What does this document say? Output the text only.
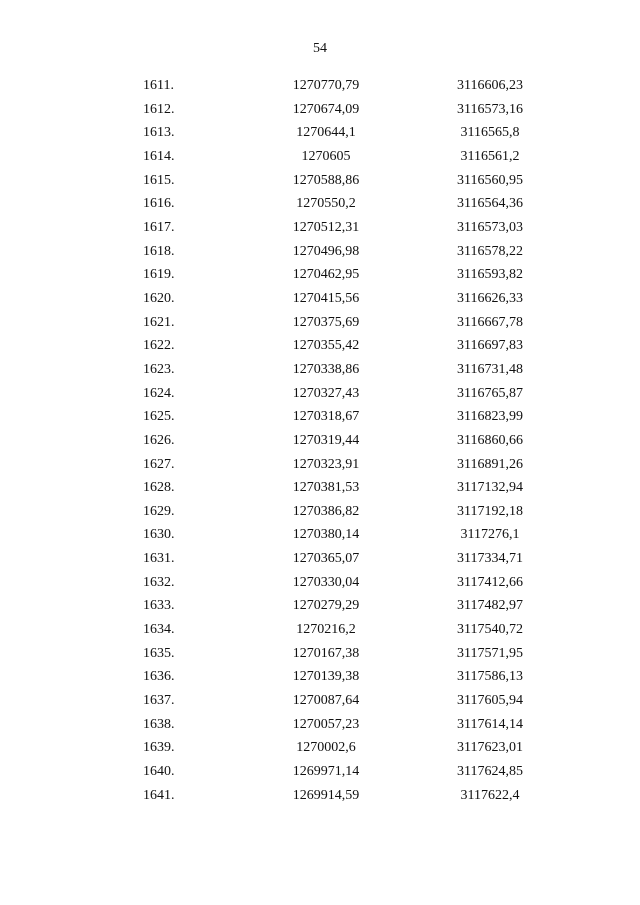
54
1611.	1270770,79	3116606,23
1612.	1270674,09	3116573,16
1613.	1270644,1	3116565,8
1614.	1270605	3116561,2
1615.	1270588,86	3116560,95
1616.	1270550,2	3116564,36
1617.	1270512,31	3116573,03
1618.	1270496,98	3116578,22
1619.	1270462,95	3116593,82
1620.	1270415,56	3116626,33
1621.	1270375,69	3116667,78
1622.	1270355,42	3116697,83
1623.	1270338,86	3116731,48
1624.	1270327,43	3116765,87
1625.	1270318,67	3116823,99
1626.	1270319,44	3116860,66
1627.	1270323,91	3116891,26
1628.	1270381,53	3117132,94
1629.	1270386,82	3117192,18
1630.	1270380,14	3117276,1
1631.	1270365,07	3117334,71
1632.	1270330,04	3117412,66
1633.	1270279,29	3117482,97
1634.	1270216,2	3117540,72
1635.	1270167,38	3117571,95
1636.	1270139,38	3117586,13
1637.	1270087,64	3117605,94
1638.	1270057,23	3117614,14
1639.	1270002,6	3117623,01
1640.	1269971,14	3117624,85
1641.	1269914,59	3117622,4
